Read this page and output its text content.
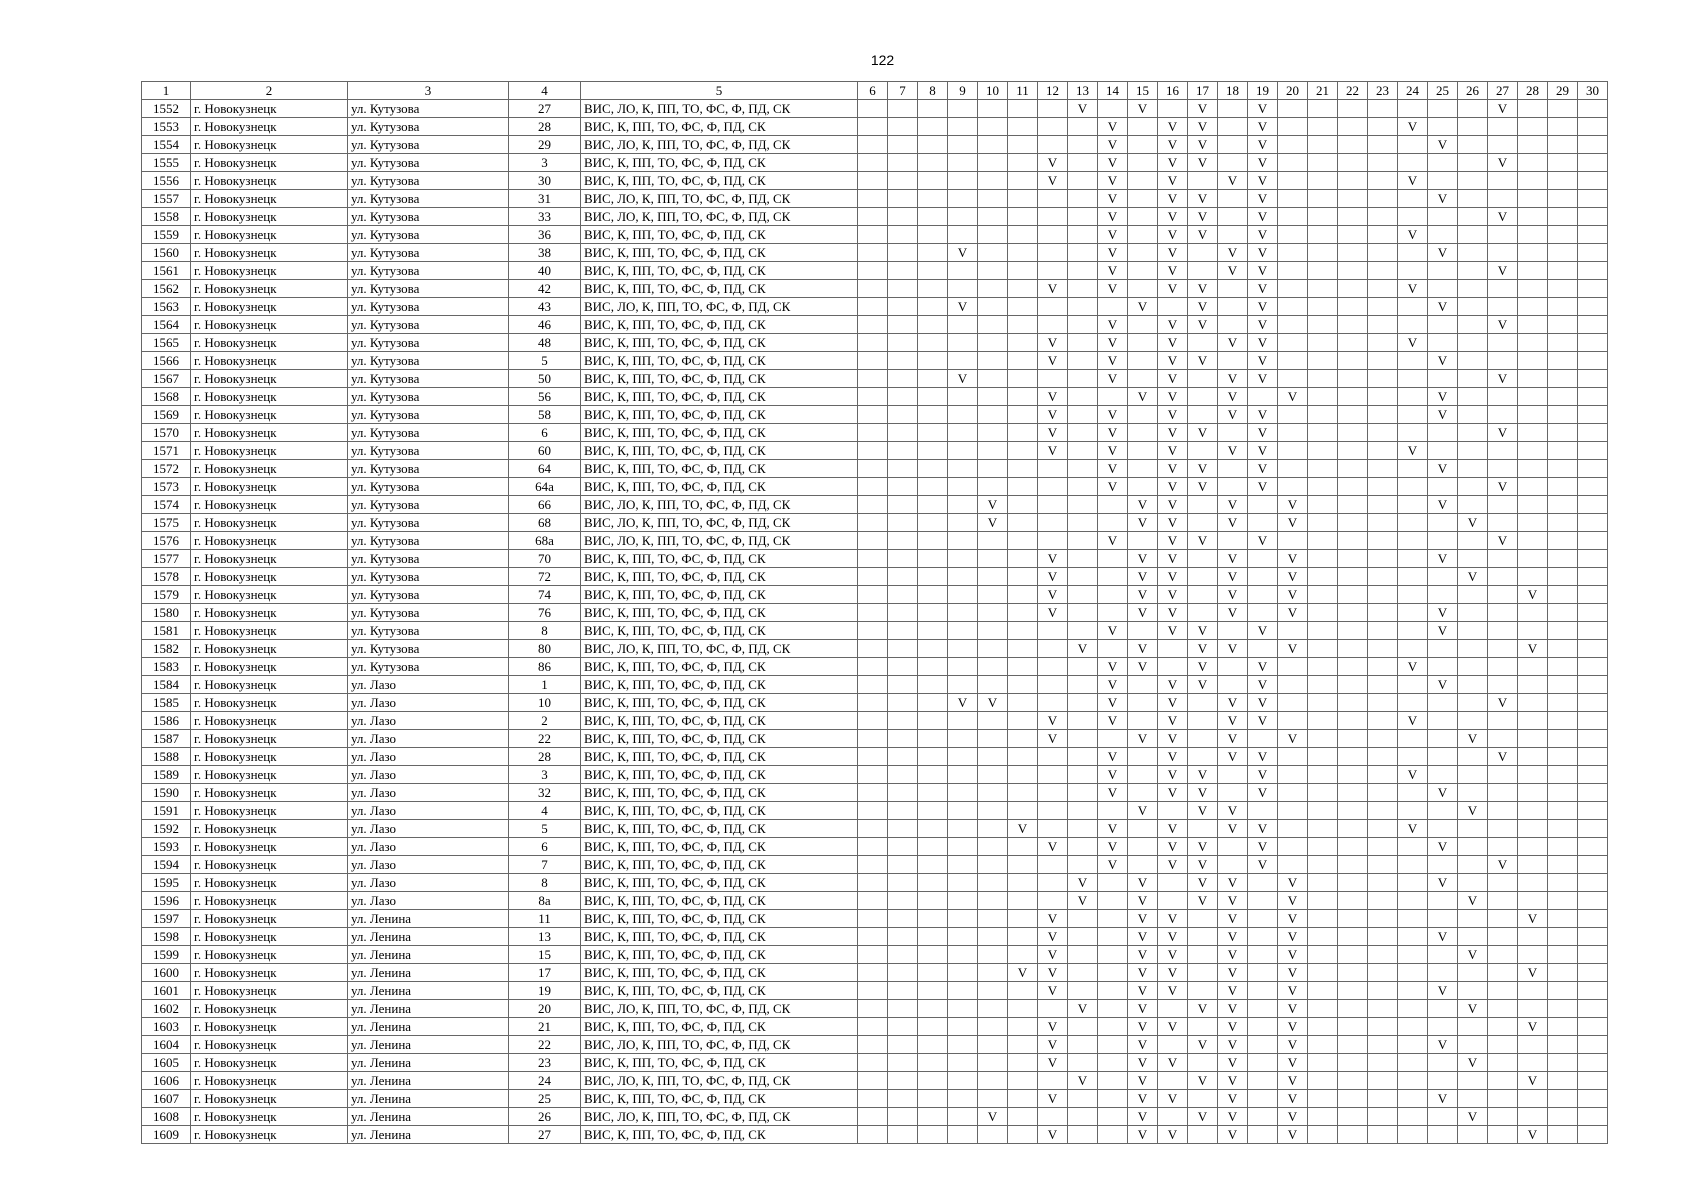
122
1	2	3	4	5	6	7	8	9	10	11	12	13	14	15	16	17	18	19	20	21	22	23	24	25	26	27	28	29	30
1552	г. Новокузнецк	ул. Кутузова	27	ВИС, ЛО, К, ПП, ТО, ФС, Ф, ПД, СК								V		V		V		V								V			
1553	г. Новокузнецк	ул. Кутузова	28	ВИС, К, ПП, ТО, ФС, Ф, ПД, СК									V		V	V		V					V						
1554	г. Новокузнецк	ул. Кутузова	29	ВИС, ЛО, К, ПП, ТО, ФС, Ф, ПД, СК									V		V	V		V						V					
1555	г. Новокузнецк	ул. Кутузова	3	ВИС, К, ПП, ТО, ФС, Ф, ПД, СК							V		V		V	V		V								V			
1556	г. Новокузнецк	ул. Кутузова	30	ВИС, К, ПП, ТО, ФС, Ф, ПД, СК							V		V		V		V	V					V						
1557	г. Новокузнецк	ул. Кутузова	31	ВИС, ЛО, К, ПП, ТО, ФС, Ф, ПД, СК									V		V	V		V						V					
1558	г. Новокузнецк	ул. Кутузова	33	ВИС, ЛО, К, ПП, ТО, ФС, Ф, ПД, СК									V		V	V		V								V			
1559	г. Новокузнецк	ул. Кутузова	36	ВИС, К, ПП, ТО, ФС, Ф, ПД, СК									V		V	V		V					V						
1560	г. Новокузнецк	ул. Кутузова	38	ВИС, К, ПП, ТО, ФС, Ф, ПД, СК				V					V		V		V	V						V					
1561	г. Новокузнецк	ул. Кутузова	40	ВИС, К, ПП, ТО, ФС, Ф, ПД, СК									V		V		V	V								V			
1562	г. Новокузнецк	ул. Кутузова	42	ВИС, К, ПП, ТО, ФС, Ф, ПД, СК							V		V		V	V		V					V						
1563	г. Новокузнецк	ул. Кутузова	43	ВИС, ЛО, К, ПП, ТО, ФС, Ф, ПД, СК				V						V		V		V						V					
1564	г. Новокузнецк	ул. Кутузова	46	ВИС, К, ПП, ТО, ФС, Ф, ПД, СК									V		V	V		V								V			
1565	г. Новокузнецк	ул. Кутузова	48	ВИС, К, ПП, ТО, ФС, Ф, ПД, СК							V		V		V		V	V					V						
1566	г. Новокузнецк	ул. Кутузова	5	ВИС, К, ПП, ТО, ФС, Ф, ПД, СК							V		V		V	V		V						V					
1567	г. Новокузнецк	ул. Кутузова	50	ВИС, К, ПП, ТО, ФС, Ф, ПД, СК				V					V		V		V	V								V			
1568	г. Новокузнецк	ул. Кутузова	56	ВИС, К, ПП, ТО, ФС, Ф, ПД, СК							V			V	V		V		V					V					
1569	г. Новокузнецк	ул. Кутузова	58	ВИС, К, ПП, ТО, ФС, Ф, ПД, СК							V		V		V		V	V						V					
1570	г. Новокузнецк	ул. Кутузова	6	ВИС, К, ПП, ТО, ФС, Ф, ПД, СК							V		V		V	V		V								V			
1571	г. Новокузнецк	ул. Кутузова	60	ВИС, К, ПП, ТО, ФС, Ф, ПД, СК							V		V		V		V	V					V						
1572	г. Новокузнецк	ул. Кутузова	64	ВИС, К, ПП, ТО, ФС, Ф, ПД, СК									V		V	V		V						V					
1573	г. Новокузнецк	ул. Кутузова	64а	ВИС, К, ПП, ТО, ФС, Ф, ПД, СК									V		V	V		V								V			
1574	г. Новокузнецк	ул. Кутузова	66	ВИС, ЛО, К, ПП, ТО, ФС, Ф, ПД, СК					V					V	V		V		V					V					
1575	г. Новокузнецк	ул. Кутузова	68	ВИС, ЛО, К, ПП, ТО, ФС, Ф, ПД, СК					V					V	V		V		V						V				
1576	г. Новокузнецк	ул. Кутузова	68а	ВИС, ЛО, К, ПП, ТО, ФС, Ф, ПД, СК									V		V	V		V								V			
1577	г. Новокузнецк	ул. Кутузова	70	ВИС, К, ПП, ТО, ФС, Ф, ПД, СК							V			V	V		V		V					V					
1578	г. Новокузнецк	ул. Кутузова	72	ВИС, К, ПП, ТО, ФС, Ф, ПД, СК							V			V	V		V		V						V				
1579	г. Новокузнецк	ул. Кутузова	74	ВИС, К, ПП, ТО, ФС, Ф, ПД, СК							V			V	V		V		V								V		
1580	г. Новокузнецк	ул. Кутузова	76	ВИС, К, ПП, ТО, ФС, Ф, ПД, СК							V			V	V		V		V					V					
1581	г. Новокузнецк	ул. Кутузова	8	ВИС, К, ПП, ТО, ФС, Ф, ПД, СК									V		V	V		V						V					
1582	г. Новокузнецк	ул. Кутузова	80	ВИС, ЛО, К, ПП, ТО, ФС, Ф, ПД, СК								V		V		V	V		V								V		
1583	г. Новокузнецк	ул. Кутузова	86	ВИС, К, ПП, ТО, ФС, Ф, ПД, СК									V	V		V		V					V						
1584	г. Новокузнецк	ул. Лазо	1	ВИС, К, ПП, ТО, ФС, Ф, ПД, СК									V		V	V		V						V					
1585	г. Новокузнецк	ул. Лазо	10	ВИС, К, ПП, ТО, ФС, Ф, ПД, СК				V	V				V		V		V	V								V			
1586	г. Новокузнецк	ул. Лазо	2	ВИС, К, ПП, ТО, ФС, Ф, ПД, СК							V		V		V		V	V					V						
1587	г. Новокузнецк	ул. Лазо	22	ВИС, К, ПП, ТО, ФС, Ф, ПД, СК							V			V	V		V		V						V				
1588	г. Новокузнецк	ул. Лазо	28	ВИС, К, ПП, ТО, ФС, Ф, ПД, СК									V		V		V	V								V			
1589	г. Новокузнецк	ул. Лазо	3	ВИС, К, ПП, ТО, ФС, Ф, ПД, СК									V		V	V		V					V						
1590	г. Новокузнецк	ул. Лазо	32	ВИС, К, ПП, ТО, ФС, Ф, ПД, СК									V		V	V		V						V					
1591	г. Новокузнецк	ул. Лазо	4	ВИС, К, ПП, ТО, ФС, Ф, ПД, СК										V		V	V								V				
1592	г. Новокузнецк	ул. Лазо	5	ВИС, К, ПП, ТО, ФС, Ф, ПД, СК						V			V		V		V	V					V						
1593	г. Новокузнецк	ул. Лазо	6	ВИС, К, ПП, ТО, ФС, Ф, ПД, СК							V		V		V	V		V						V					
1594	г. Новокузнецк	ул. Лазо	7	ВИС, К, ПП, ТО, ФС, Ф, ПД, СК									V		V	V		V								V			
1595	г. Новокузнецк	ул. Лазо	8	ВИС, К, ПП, ТО, ФС, Ф, ПД, СК								V		V		V	V		V					V					
1596	г. Новокузнецк	ул. Лазо	8а	ВИС, К, ПП, ТО, ФС, Ф, ПД, СК								V		V		V	V		V						V				
1597	г. Новокузнецк	ул. Ленина	11	ВИС, К, ПП, ТО, ФС, Ф, ПД, СК							V			V	V		V		V								V		
1598	г. Новокузнецк	ул. Ленина	13	ВИС, К, ПП, ТО, ФС, Ф, ПД, СК							V			V	V		V		V					V					
1599	г. Новокузнецк	ул. Ленина	15	ВИС, К, ПП, ТО, ФС, Ф, ПД, СК							V			V	V		V		V						V				
1600	г. Новокузнецк	ул. Ленина	17	ВИС, К, ПП, ТО, ФС, Ф, ПД, СК						V	V			V	V		V		V								V		
1601	г. Новокузнецк	ул. Ленина	19	ВИС, К, ПП, ТО, ФС, Ф, ПД, СК							V			V	V		V		V					V					
1602	г. Новокузнецк	ул. Ленина	20	ВИС, ЛО, К, ПП, ТО, ФС, Ф, ПД, СК								V		V		V	V		V						V				
1603	г. Новокузнецк	ул. Ленина	21	ВИС, К, ПП, ТО, ФС, Ф, ПД, СК							V			V	V		V		V								V		
1604	г. Новокузнецк	ул. Ленина	22	ВИС, ЛО, К, ПП, ТО, ФС, Ф, ПД, СК							V			V		V	V		V					V					
1605	г. Новокузнецк	ул. Ленина	23	ВИС, К, ПП, ТО, ФС, Ф, ПД, СК							V			V	V		V		V						V				
1606	г. Новокузнецк	ул. Ленина	24	ВИС, ЛО, К, ПП, ТО, ФС, Ф, ПД, СК								V		V		V	V		V								V		
1607	г. Новокузнецк	ул. Ленина	25	ВИС, К, ПП, ТО, ФС, Ф, ПД, СК							V			V	V		V		V					V					
1608	г. Новокузнецк	ул. Ленина	26	ВИС, ЛО, К, ПП, ТО, ФС, Ф, ПД, СК					V					V		V	V		V						V				
1609	г. Новокузнецк	ул. Ленина	27	ВИС, К, ПП, ТО, ФС, Ф, ПД, СК							V			V	V		V		V								V		
